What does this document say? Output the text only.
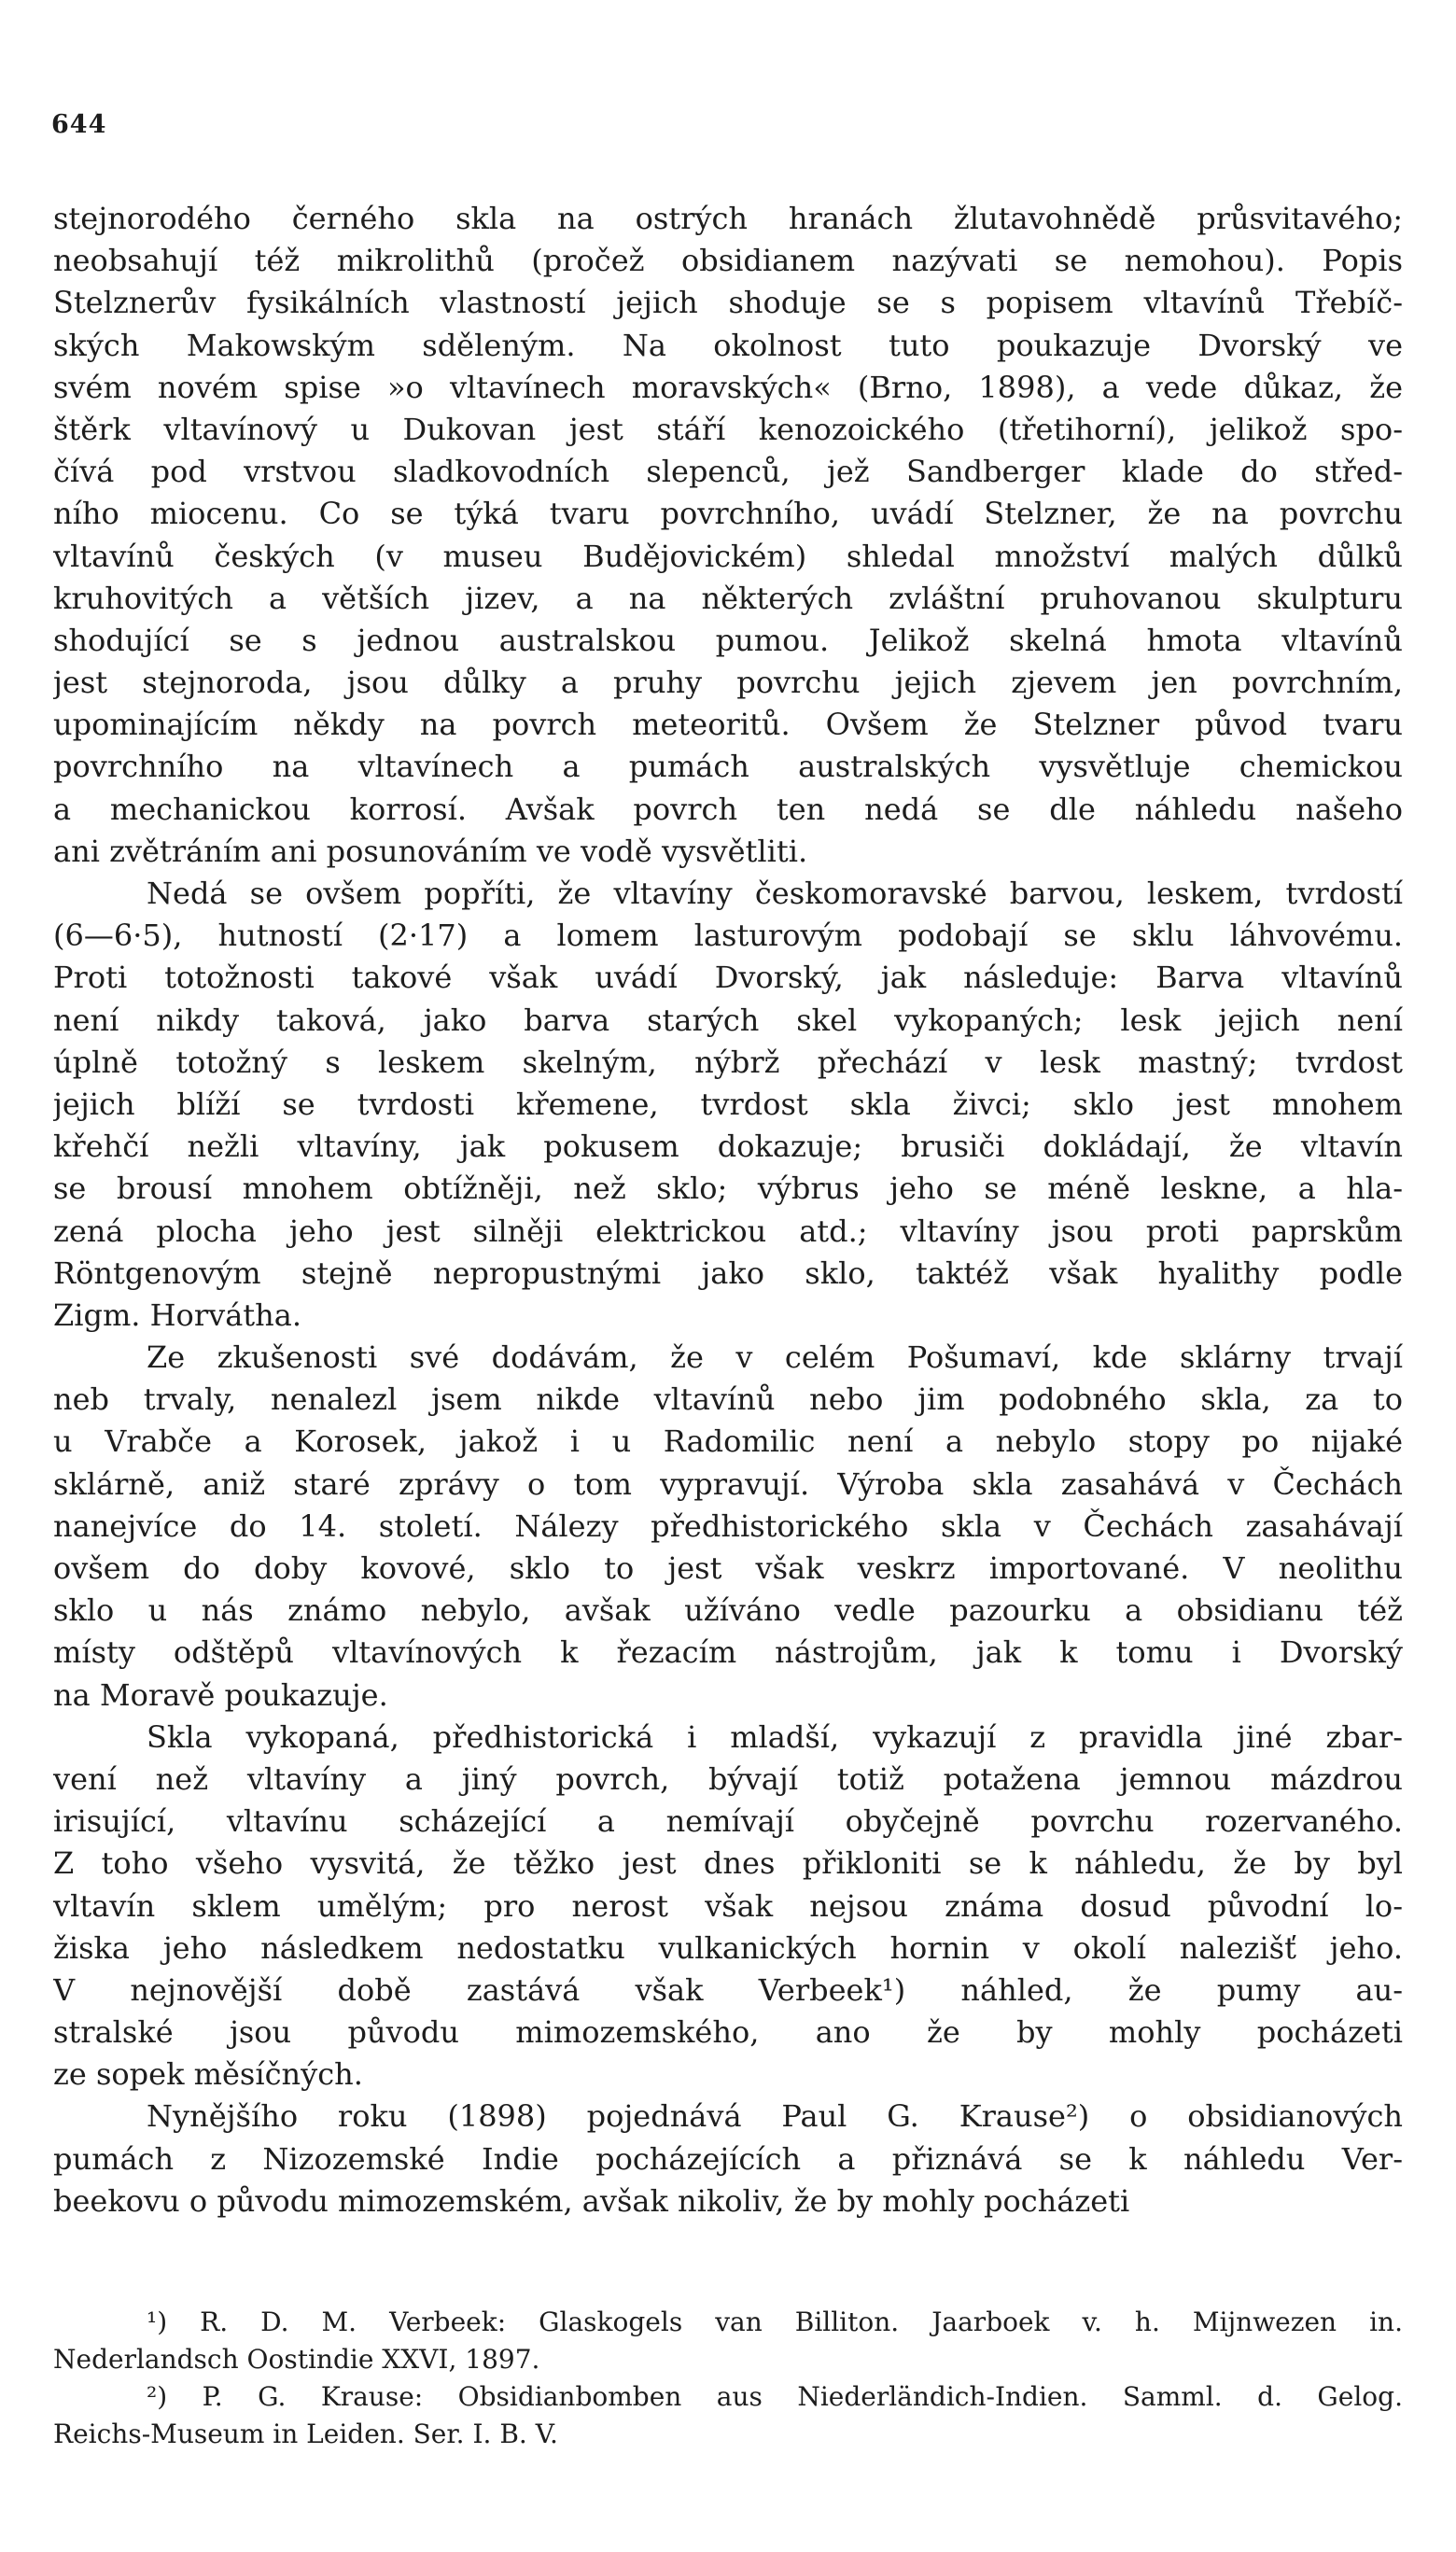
644
stejnorodého černého skla na ostrých hranách žlutavohnědě průsvitavého;
neobsahují též mikrolithů (pročež obsidianem nazývati se nemohou). Popis
Stelznerův fysikálních vlastností jejich shoduje se s popisem vltavínů Třebíč-
ských Makowským sděleným. Na okolnost tuto poukazuje Dvorský ve
svém novém spise »o vltavínech moravských« (Brno, 1898), a vede důkaz, že
štěrk vltavínový u Dukovan jest stáří kenozoického (třetihorní), jelikož spo-
čívá pod vrstvou sladkovodních slepenců, jež Sandberger klade do střed-
ního miocenu. Co se týká tvaru povrchního, uvádí Stelzner, že na povrchu
vltavínů českých (v museu Budějovickém) shledal množství malých důlků
kruhovitých a větších jizev, a na některých zvláštní pruhovanou skulpturu
shodující se s jednou australskou pumou. Jelikož skelná hmota vltavínů
jest stejnoroda, jsou důlky a pruhy povrchu jejich zjevem jen povrchním,
upominajícím někdy na povrch meteoritů. Ovšem že Stelzner původ tvaru
povrchního na vltavínech a pumách australských vysvětluje chemickou
a mechanickou korrosí. Avšak povrch ten nedá se dle náhledu našeho
ani zvětráním ani posunováním ve vodě vysvětliti.
Nedá se ovšem popříti, že vltavíny českomoravské barvou, leskem, tvrdostí
(6—6·5), hutností (2·17) a lomem lasturovým podobají se sklu láhvovému.
Proti totožnosti takové však uvádí Dvorský, jak následuje: Barva vltavínů
není nikdy taková, jako barva starých skel vykopaných; lesk jejich není
úplně totožný s leskem skelným, nýbrž přechází v lesk mastný; tvrdost
jejich blíží se tvrdosti křemene, tvrdost skla živci; sklo jest mnohem
křehčí nežli vltavíny, jak pokusem dokazuje; brusiči dokládají, že vltavín
se brousí mnohem obtížněji, než sklo; výbrus jeho se méně leskne, a hla-
zená plocha jeho jest silněji elektrickou atd.; vltavíny jsou proti paprskům
Röntgenovým stejně nepropustnými jako sklo, taktéž však hyalithy podle
Zigm. Horvátha.
Ze zkušenosti své dodávám, že v celém Pošumaví, kde sklárny trvají
neb trvaly, nenalezl jsem nikde vltavínů nebo jim podobného skla, za to
u Vrabče a Korosek, jakož i u Radomilic není a nebylo stopy po nijaké
sklárně, aniž staré zprávy o tom vypravují. Výroba skla zasahává v Čechách
nanejvíce do 14. století. Nálezy předhistorického skla v Čechách zasahávají
ovšem do doby kovové, sklo to jest však veskrz importované. V neolithu
sklo u nás známo nebylo, avšak užíváno vedle pazourku a obsidianu též
místy odštěpů vltavínových k řezacím nástrojům, jak k tomu i Dvorský
na Moravě poukazuje.
Skla vykopaná, předhistorická i mladší, vykazují z pravidla jiné zbar-
vení než vltavíny a jiný povrch, bývají totiž potažena jemnou mázdrou
irisující, vltavínu scházející a nemívají obyčejně povrchu rozervaného.
Z toho všeho vysvitá, že těžko jest dnes přikloniti se k náhledu, že by byl
vltavín sklem umělým; pro nerost však nejsou známa dosud původní lo-
žiska jeho následkem nedostatku vulkanických hornin v okolí nalezišť jeho.
V nejnovější době zastává však Verbeek¹) náhled, že pumy au-
stralské jsou původu mimozemského, ano že by mohly pocházeti
ze sopek měsíčných.
Nynějšího roku (1898) pojednává Paul G. Krause²) o obsidianových
pumách z Nizozemské Indie pocházejících a přiznává se k náhledu Ver-
beekovu o původu mimozemském, avšak nikoliv, že by mohly pocházeti
¹) R. D. M. Verbeek: Glaskogels van Billiton. Jaarboek v. h. Mijnwezen in.
Nederlandsch Oostindie XXVI, 1897.
²) P. G. Krause: Obsidianbomben aus Niederländich-Indien. Samml. d. Gelog.
Reichs-Museum in Leiden. Ser. I. B. V.
